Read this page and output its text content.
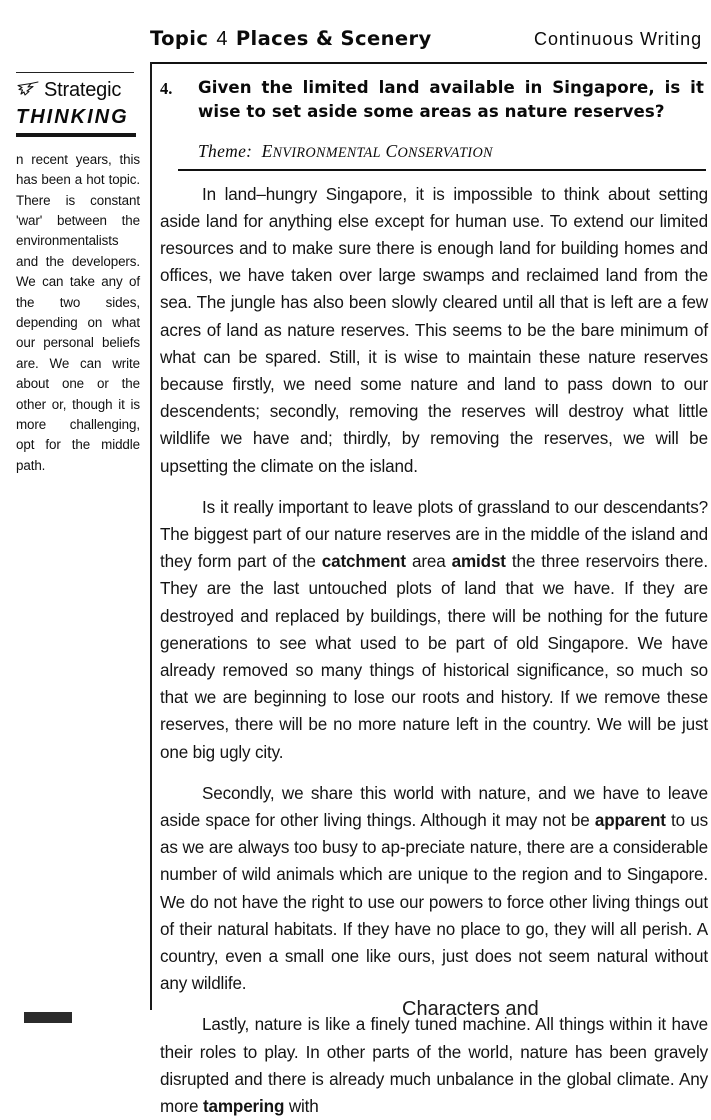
Topic 4 Places & Scenery	Continuous Writing
Strategic
THINKING

n recent years, this has been a hot topic. There is constant 'war' between the environmentalists and the developers. We can take any of the two sides, depending on what our personal beliefs are. We can write about one or the other or, though it is more challenging, opt for the middle path.

4.	Given the limited land available in Singapore, is it wise to set aside some areas as nature reserves?
Theme: ENVIRONMENTAL CONSERVATION

In land–hungry Singapore, it is impossible to think about setting aside land for anything else except for human use. To extend our limited resources and to make sure there is enough land for building homes and offices, we have taken over large swamps and reclaimed land from the sea. The jungle has also been slowly cleared until all that is left are a few acres of land as nature reserves. This seems to be the bare minimum of what can be spared. Still, it is wise to maintain these nature reserves because firstly, we need some nature and land to pass down to our descendents; secondly, removing the reserves will destroy what little wildlife we have and; thirdly, by removing the reserves, we will be upsetting the climate on the island.

Is it really important to leave plots of grassland to our descendants? The biggest part of our nature reserves are in the middle of the island and they form part of the catchment area amidst the three reservoirs there. They are the last untouched plots of land that we have. If they are destroyed and replaced by buildings, there will be nothing for the future generations to see what used to be part of old Singapore. We have already removed so many things of historical significance, so much so that we are beginning to lose our roots and history. If we remove these reserves, there will be no more nature left in the country. We will be just one big ugly city.

Secondly, we share this world with nature, and we have to leave aside space for other living things. Although it may not be apparent to us as we are always too busy to ap-preciate nature, there are a considerable number of wild animals which are unique to the region and to Singapore. We do not have the right to use our powers to force other living things out of their natural habitats. If they have no place to go, they will all perish. A country, even a small one like ours, just does not seem natural without any wildlife.

Lastly, nature is like a finely tuned machine. All things within it have their roles to play. In other parts of the world, nature has been gravely disrupted and there is already much unbalance in the global climate. Any more tampering with

Characters and
